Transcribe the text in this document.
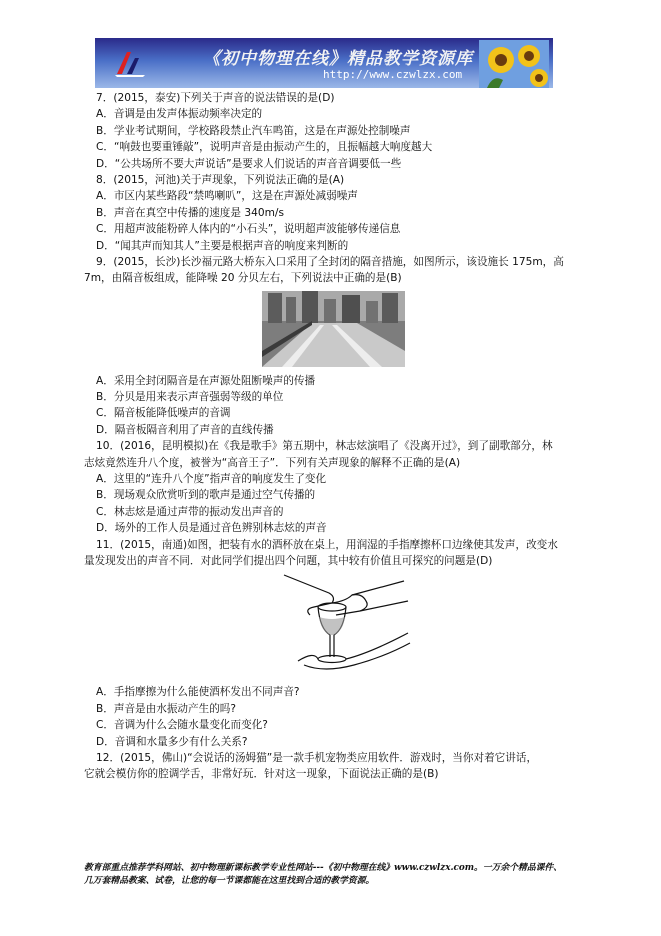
《初中物理在线》精品教学资源库
http://www.czwlzx.com
7．(2015，泰安)下列关于声音的说法错误的是(D)
A．音调是由发声体振动频率决定的
B．学业考试期间，学校路段禁止汽车鸣笛，这是在声源处控制噪声
C．“响鼓也要重锤敲”，说明声音是由振动产生的，且振幅越大响度越大
D．“公共场所不要大声说话”是要求人们说话的声音音调要低一些
8．(2015，河池)关于声现象，下列说法正确的是(A)
A．市区内某些路段“禁鸣喇叭”，这是在声源处减弱噪声
B．声音在真空中传播的速度是 340m/s
C．用超声波能粉碎人体内的“小石头”，说明超声波能够传递信息
D．“闻其声而知其人”主要是根据声音的响度来判断的
9．(2015，长沙)长沙福元路大桥东入口采用了全封闭的隔音措施，如图所示，该设施长 175m，高
7m，由隔音板组成，能降噪 20 分贝左右，下列说法中正确的是(B)
A．采用全封闭隔音是在声源处阻断噪声的传播
B．分贝是用来表示声音强弱等级的单位
C．隔音板能降低噪声的音调
D．隔音板隔音利用了声音的直线传播
10．(2016，昆明模拟)在《我是歌手》第五期中，林志炫演唱了《没离开过》，到了副歌部分，林
志炫竟然连升八个度，被誉为“高音王子”．下列有关声现象的解释不正确的是(A)
A．这里的“连升八个度”指声音的响度发生了变化
B．现场观众欣赏听到的歌声是通过空气传播的
C．林志炫是通过声带的振动发出声音的
D．场外的工作人员是通过音色辨别林志炫的声音
11．(2015，南通)如图，把装有水的酒杯放在桌上，用润湿的手指摩擦杯口边缘使其发声，改变水
量发现发出的声音不同．对此同学们提出四个问题，其中较有价值且可探究的问题是(D)
A．手指摩擦为什么能使酒杯发出不同声音?
B．声音是由水振动产生的吗?
C．音调为什么会随水量变化而变化?
D．音调和水量多少有什么关系?
12．(2015，佛山)“会说话的汤姆猫”是一款手机宠物类应用软件．游戏时，当你对着它讲话，
它就会模仿你的腔调学舌，非常好玩．针对这一现象，下面说法正确的是(B)
教育部重点推荐学科网站、初中物理新课标教学专业性网站---《初中物理在线》www.czwlzx.com。一万余个精品课件、
几万套精品教案、试卷，让您的每一节课都能在这里找到合适的教学资源。
